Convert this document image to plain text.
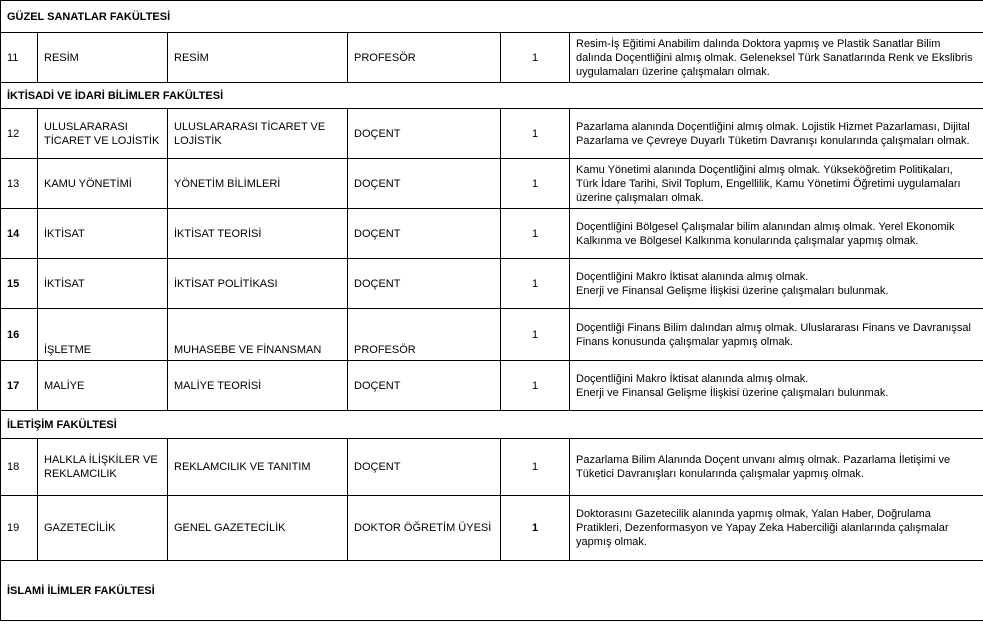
GÜZEL SANATLAR FAKÜLTESİ					
11	RESİM	RESİM	PROFESÖR	1	Resim-İş Eğitimi Anabilim dalında Doktora yapmış ve Plastik Sanatlar Bilim dalında Doçentliğini almış olmak. Geleneksel Türk Sanatlarında Renk ve Ekslibris uygulamaları üzerine çalışmaları olmak.
İKTİSADİ VE İDARİ BİLİMLER FAKÜLTESİ					
12	ULUSLARARASI TİCARET VE LOJİSTİK	ULUSLARARASI TİCARET VE LOJİSTİK	DOÇENT	1	Pazarlama alanında Doçentliğini almış olmak. Lojistik Hizmet Pazarlaması, Dijital Pazarlama ve Çevreye Duyarlı Tüketim Davranışı konularında çalışmaları olmak.
13	KAMU YÖNETİMİ	YÖNETİM BİLİMLERİ	DOÇENT	1	Kamu Yönetimi alanında Doçentliğini almış olmak. Yükseköğretim Politikaları, Türk İdare Tarihi, Sivil Toplum, Engellilik, Kamu Yönetimi Öğretimi uygulamaları üzerine çalışmaları olmak.
14	İKTİSAT	İKTİSAT TEORİSİ	DOÇENT	1	Doçentliğini Bölgesel Çalışmalar bilim alanından almış olmak. Yerel Ekonomik Kalkınma ve Bölgesel Kalkınma konularında çalışmalar yapmış olmak.
15	İKTİSAT	İKTİSAT POLİTİKASI	DOÇENT	1	Doçentliğini Makro İktisat alanında almış olmak.
Enerji ve Finansal Gelişme İlişkisi üzerine çalışmaları bulunmak.

16	İŞLETME	MUHASEBE VE FİNANSMAN	PROFESÖR	1	Doçentliği Finans Bilim dalından almış olmak. Uluslararası Finans ve Davranışsal Finans konusunda çalışmalar yapmış olmak.
17	MALİYE	MALİYE TEORİSİ	DOÇENT	1	Doçentliğini Makro İktisat alanında almış olmak.
Enerji ve Finansal Gelişme İlişkisi üzerine çalışmaları bulunmak.

İLETİŞİM FAKÜLTESİ					
18	HALKLA İLİŞKİLER VE REKLAMCILIK	REKLAMCILIK VE TANITIM	DOÇENT	1	Pazarlama Bilim Alanında Doçent unvanı almış olmak. Pazarlama İletişimi ve Tüketici Davranışları konularında çalışmalar yapmış olmak.
19	GAZETECİLİK	GENEL GAZETECİLİK	DOKTOR ÖĞRETİM ÜYESİ	1	Doktorasını Gazetecilik alanında yapmış olmak, Yalan Haber, Doğrulama Pratikleri, Dezenformasyon ve Yapay Zeka Haberciliği alanlarında çalışmalar yapmış olmak.
İSLAMİ İLİMLER FAKÜLTESİ					
